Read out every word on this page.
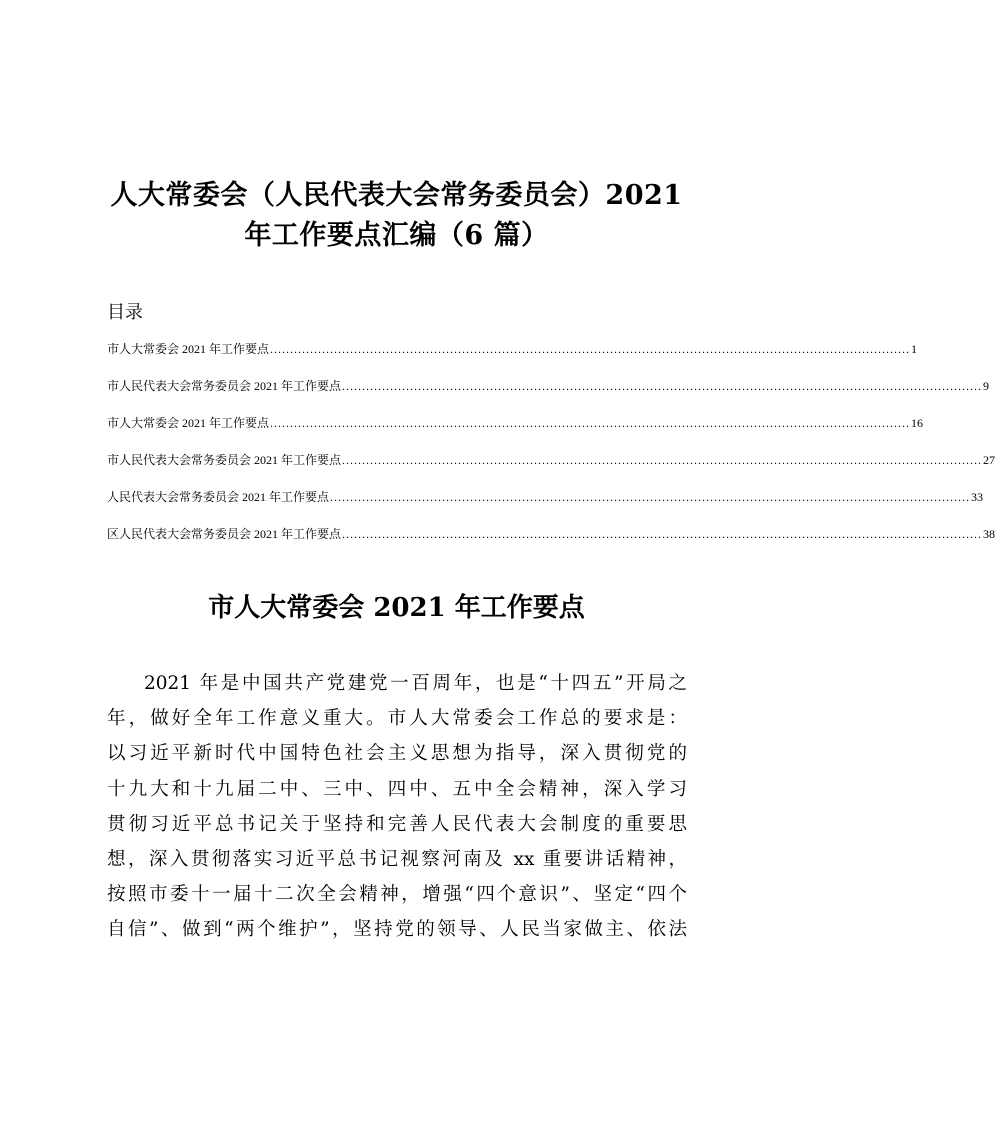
人大常委会（人民代表大会常务委员会）2021
年工作要点汇编（6 篇）
目录
市人大常委会 2021 年工作要点 ................................................................................................................................................................ 1
市人民代表大会常务委员会 2021 年工作要点 ................................................................................................................................................................ 9
市人大常委会 2021 年工作要点 ................................................................................................................................................................ 16
市人民代表大会常务委员会 2021 年工作要点 ................................................................................................................................................................ 27
人民代表大会常务委员会 2021 年工作要点 ................................................................................................................................................................ 33
区人民代表大会常务委员会 2021 年工作要点 ................................................................................................................................................................ 38
市人大常委会 2021 年工作要点
2021 年是中国共产党建党一百周年，也是“十四五”开局之
年，做好全年工作意义重大。市人大常委会工作总的要求是：
以习近平新时代中国特色社会主义思想为指导，深入贯彻党的
十九大和十九届二中、三中、四中、五中全会精神，深入学习
贯彻习近平总书记关于坚持和完善人民代表大会制度的重要思
想，深入贯彻落实习近平总书记视察河南及 xx 重要讲话精神，
按照市委十一届十二次全会精神，增强“四个意识”、坚定“四个
自信”、做到“两个维护”，坚持党的领导、人民当家做主、依法
